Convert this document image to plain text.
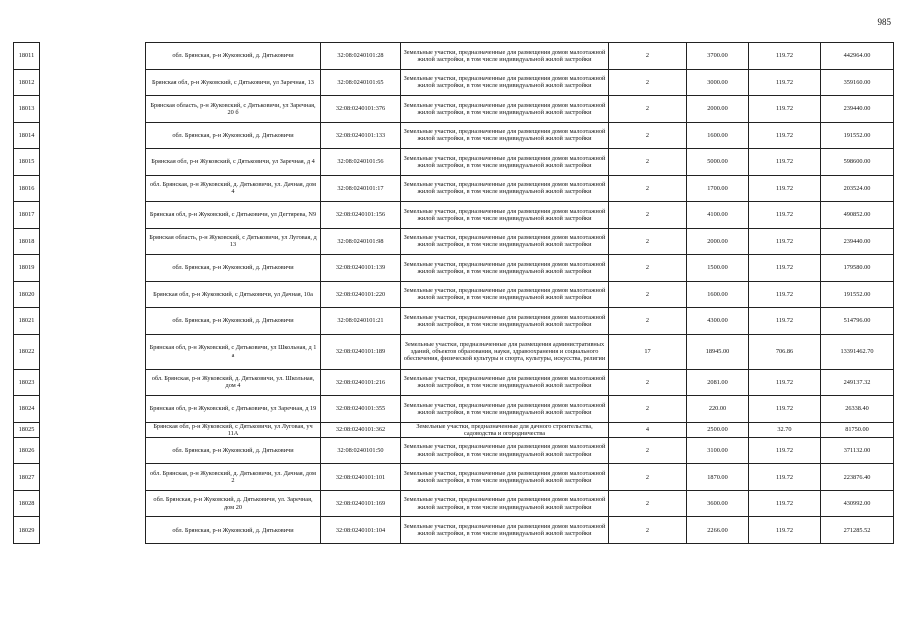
985
18011		обл. Брянская, р-н Жуковский, д. Дятьковичи	32:08:0240101:28	Земельные участки, предназначенные для размещения домов малоэтажной жилой застройки, в том числе индивидуальной жилой застройки	2	3700.00	119.72	442964.00
18012		Брянская обл, р-н Жуковский, с Дятьковичи, ул Заречная, 13	32:08:0240101:65	Земельные участки, предназначенные для размещения домов малоэтажной жилой застройки, в том числе индивидуальной жилой застройки	2	3000.00	119.72	359160.00
18013		Брянская область, р-н Жуковский, с Дятьковичи, ул Заречная, 20 б	32:08:0240101:376	Земельные участки, предназначенные для размещения домов малоэтажной жилой застройки, в том числе индивидуальной жилой застройки	2	2000.00	119.72	239440.00
18014		обл. Брянская, р-н Жуковский, д. Дятьковичи	32:08:0240101:133	Земельные участки, предназначенные для размещения домов малоэтажной жилой застройки, в том числе индивидуальной жилой застройки	2	1600.00	119.72	191552.00
18015		Брянская обл, р-н Жуковский, с Дятьковичи, ул Заречная, д 4	32:08:0240101:56	Земельные участки, предназначенные для размещения домов малоэтажной жилой застройки, в том числе индивидуальной жилой застройки	2	5000.00	119.72	598600.00
18016		обл. Брянская, р-н Жуковский, д. Дятьковичи, ул. Дачная, дом 4	32:08:0240101:17	Земельные участки, предназначенные для размещения домов малоэтажной жилой застройки, в том числе индивидуальной жилой застройки	2	1700.00	119.72	203524.00
18017		Брянская обл, р-н Жуковский, с Дятьковичи, ул Дегтярева, N9	32:08:0240101:156	Земельные участки, предназначенные для размещения домов малоэтажной жилой застройки, в том числе индивидуальной жилой застройки	2	4100.00	119.72	490852.00
18018		Брянская область, р-н Жуковский, с Дятьковичи, ул Луговая, д 13	32:08:0240101:98	Земельные участки, предназначенные для размещения домов малоэтажной жилой застройки, в том числе индивидуальной жилой застройки	2	2000.00	119.72	239440.00
18019		обл. Брянская, р-н Жуковский, д. Дятьковичи	32:08:0240101:139	Земельные участки, предназначенные для размещения домов малоэтажной жилой застройки, в том числе индивидуальной жилой застройки	2	1500.00	119.72	179580.00
18020		Брянская обл, р-н Жуковский, с Дятьковичи, ул Дачная, 10а	32:08:0240101:220	Земельные участки, предназначенные для размещения домов малоэтажной жилой застройки, в том числе индивидуальной жилой застройки	2	1600.00	119.72	191552.00
18021		обл. Брянская, р-н Жуковский, д. Дятьковичи	32:08:0240101:21	Земельные участки, предназначенные для размещения домов малоэтажной жилой застройки, в том числе индивидуальной жилой застройки	2	4300.00	119.72	514796.00
18022		Брянская обл, р-н Жуковский, с Дятьковичи, ул Школьная, д 1 а	32:08:0240101:189	Земельные участки, предназначенные для размещения административных зданий, объектов образования, науки, здравоохранения и социального обеспечения, физической культуры и спорта, культуры, искусства, религии	17	18945.00	706.86	13391462.70
18023		обл. Брянская, р-н Жуковский, д. Дятьковичи, ул. Школьная, дом 4	32:08:0240101:216	Земельные участки, предназначенные для размещения домов малоэтажной жилой застройки, в том числе индивидуальной жилой застройки	2	2081.00	119.72	249137.32
18024		Брянская обл, р-н Жуковский, с Дятьковичи, ул Заречная, д 19	32:08:0240101:355	Земельные участки, предназначенные для размещения домов малоэтажной жилой застройки, в том числе индивидуальной жилой застройки	2	220.00	119.72	26338.40
18025		Брянская обл, р-н Жуковский, с Дятьковичи, ул Луговая, уч 11А	32:08:0240101:362	Земельные участки, предназначенные для дачного строительства, садоводства и огородничества	4	2500.00	32.70	81750.00
18026		обл. Брянская, р-н Жуковский, д. Дятьковичи	32:08:0240101:50	Земельные участки, предназначенные для размещения домов малоэтажной жилой застройки, в том числе индивидуальной жилой застройки	2	3100.00	119.72	371132.00
18027		обл. Брянская, р-н Жуковский, д. Дятьковичи, ул. Дачная, дом 2	32:08:0240101:101	Земельные участки, предназначенные для размещения домов малоэтажной жилой застройки, в том числе индивидуальной жилой застройки	2	1870.00	119.72	223876.40
18028		обл. Брянская, р-н Жуковский, д. Дятьковичи, ул. Заречная, дом 20	32:08:0240101:169	Земельные участки, предназначенные для размещения домов малоэтажной жилой застройки, в том числе индивидуальной жилой застройки	2	3600.00	119.72	430992.00
18029		обл. Брянская, р-н Жуковский, д. Дятьковичи	32:08:0240101:104	Земельные участки, предназначенные для размещения домов малоэтажной жилой застройки, в том числе индивидуальной жилой застройки	2	2266.00	119.72	271285.52
